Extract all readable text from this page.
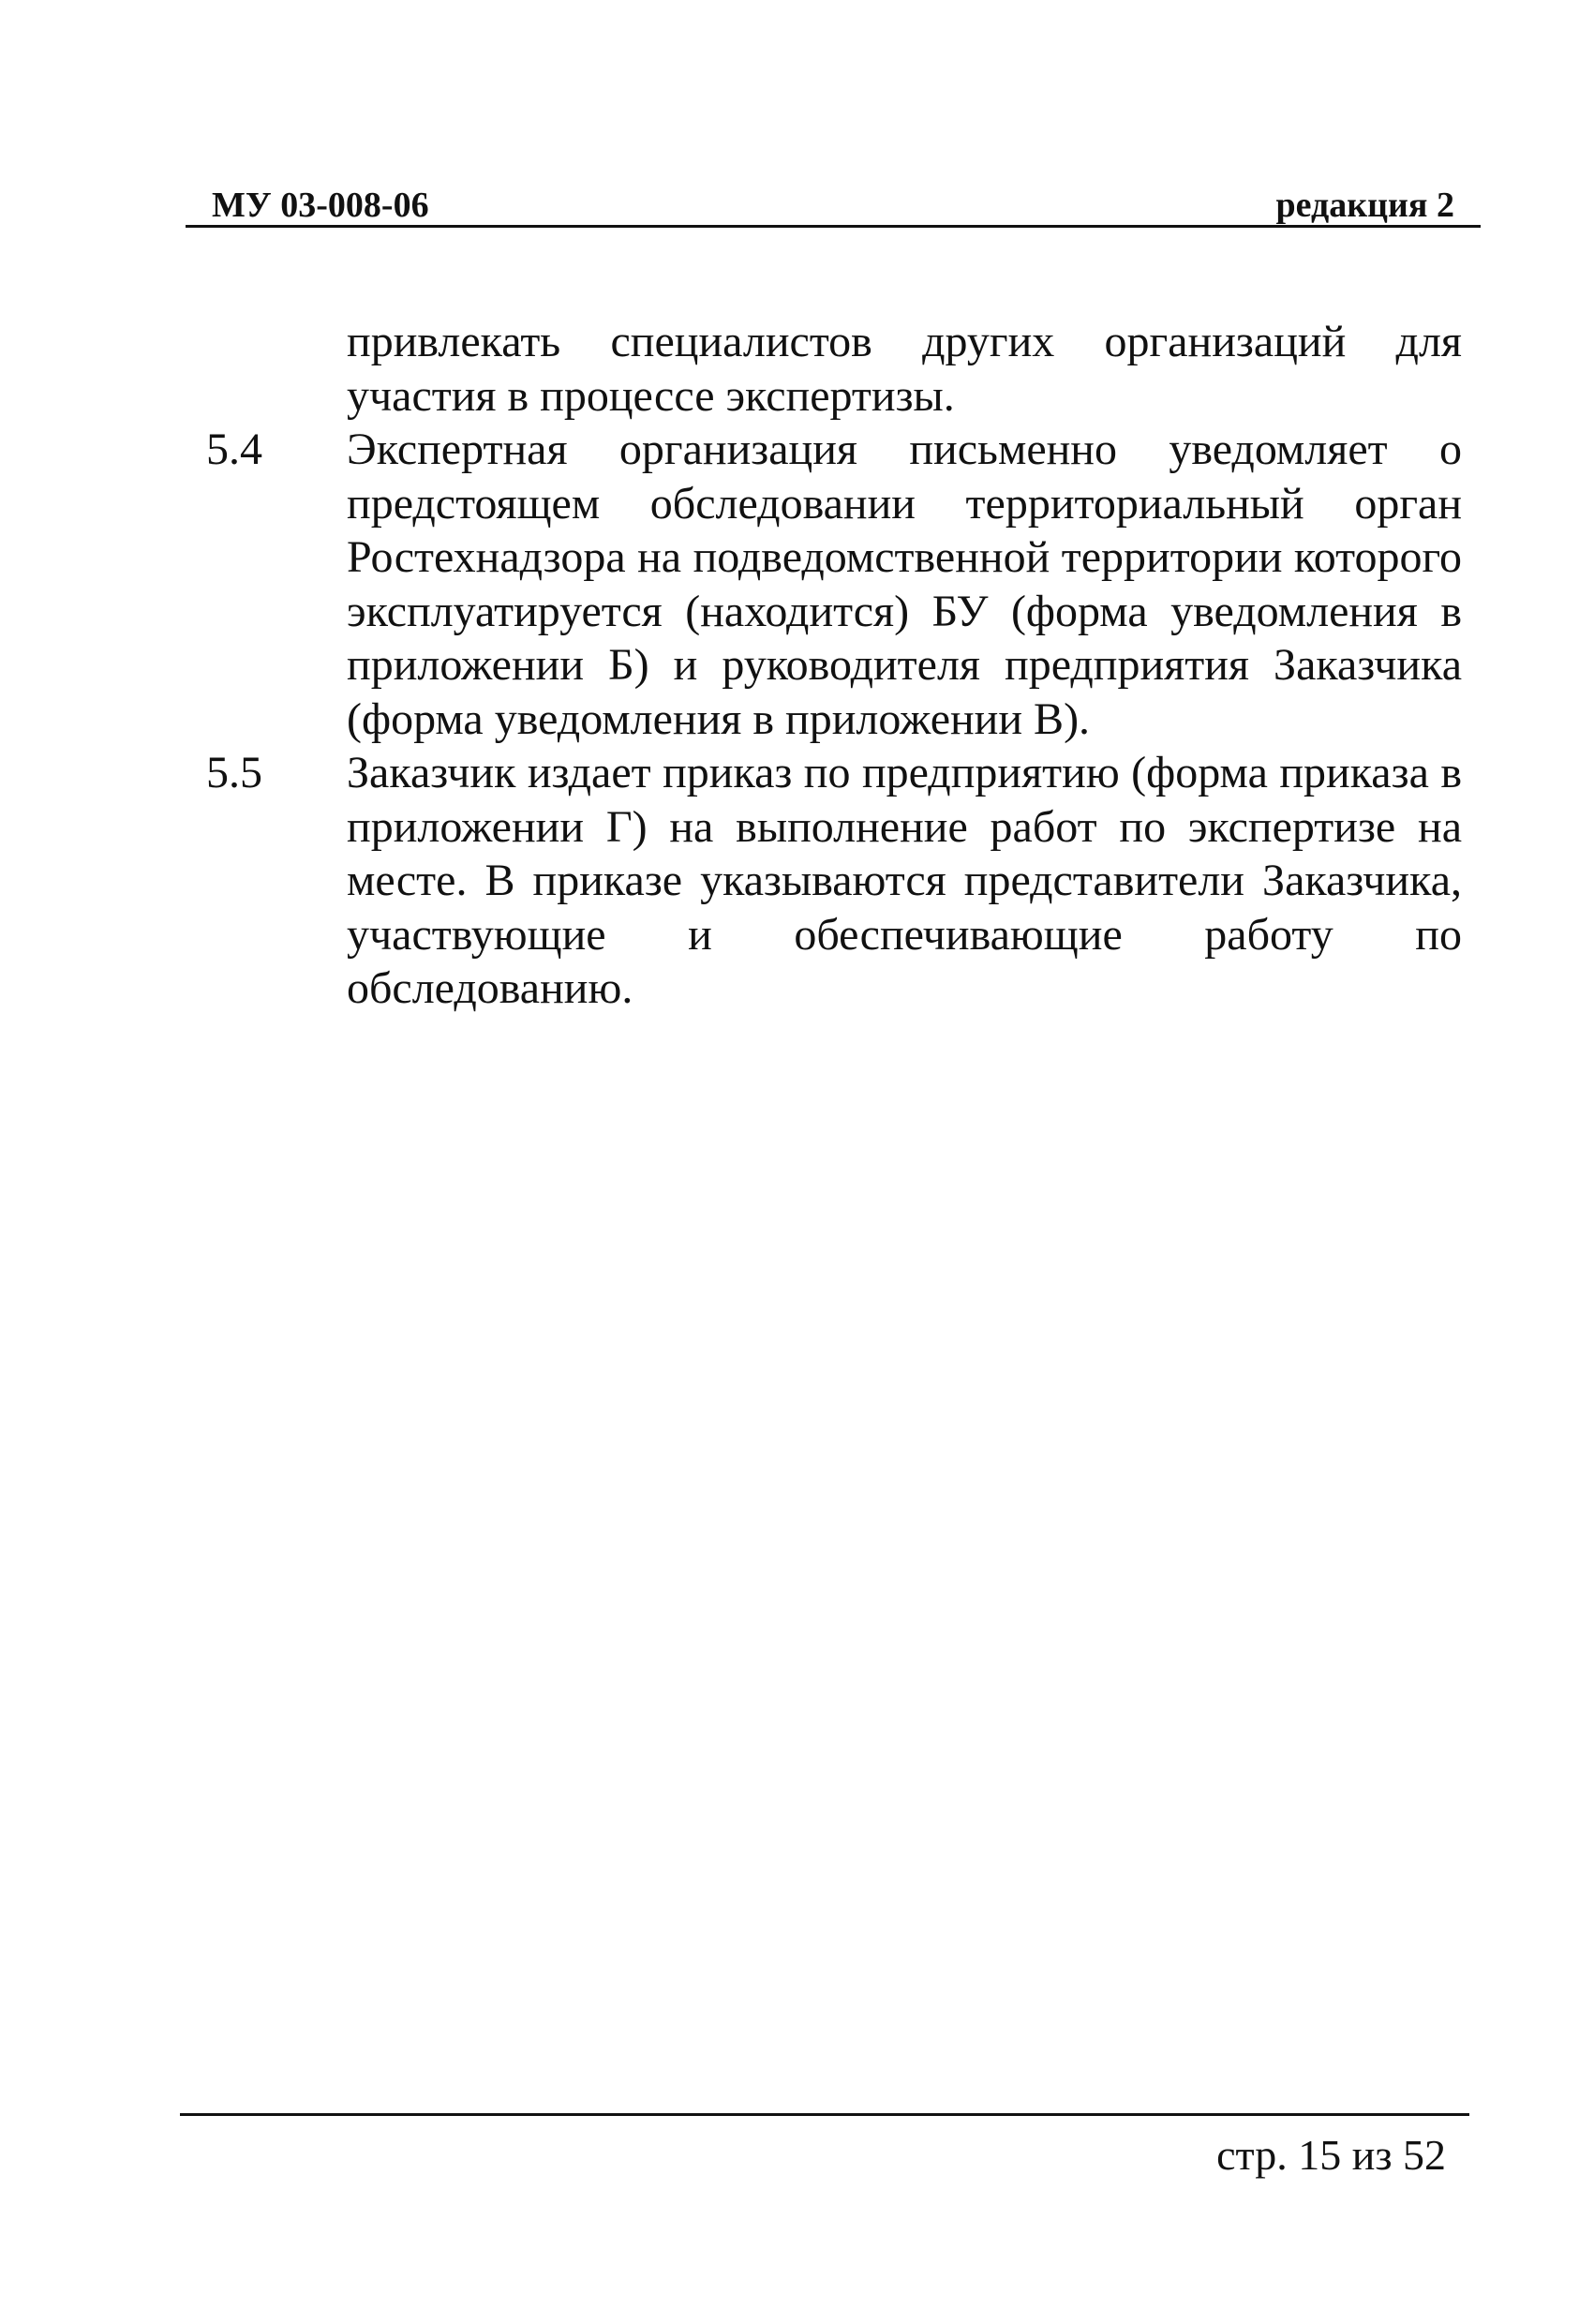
МУ 03-008-06	редакция 2
привлекать специалистов других организаций для участия в процессе экспертизы.
5.4	Экспертная организация письменно уведомляет о предстоящем обследовании территориальный орган Ростехнадзора на подведомственной территории которого эксплуатируется (находится) БУ (форма уведомления в приложении Б) и руководителя предприятия Заказчика (форма уведомления в приложении В).
5.5	Заказчик издает приказ по предприятию (форма приказа в приложении Г) на выполнение работ по экспертизе на месте. В приказе указываются представители Заказчика, участвующие и обеспечивающие работу по обследованию.
стр. 15 из 52
